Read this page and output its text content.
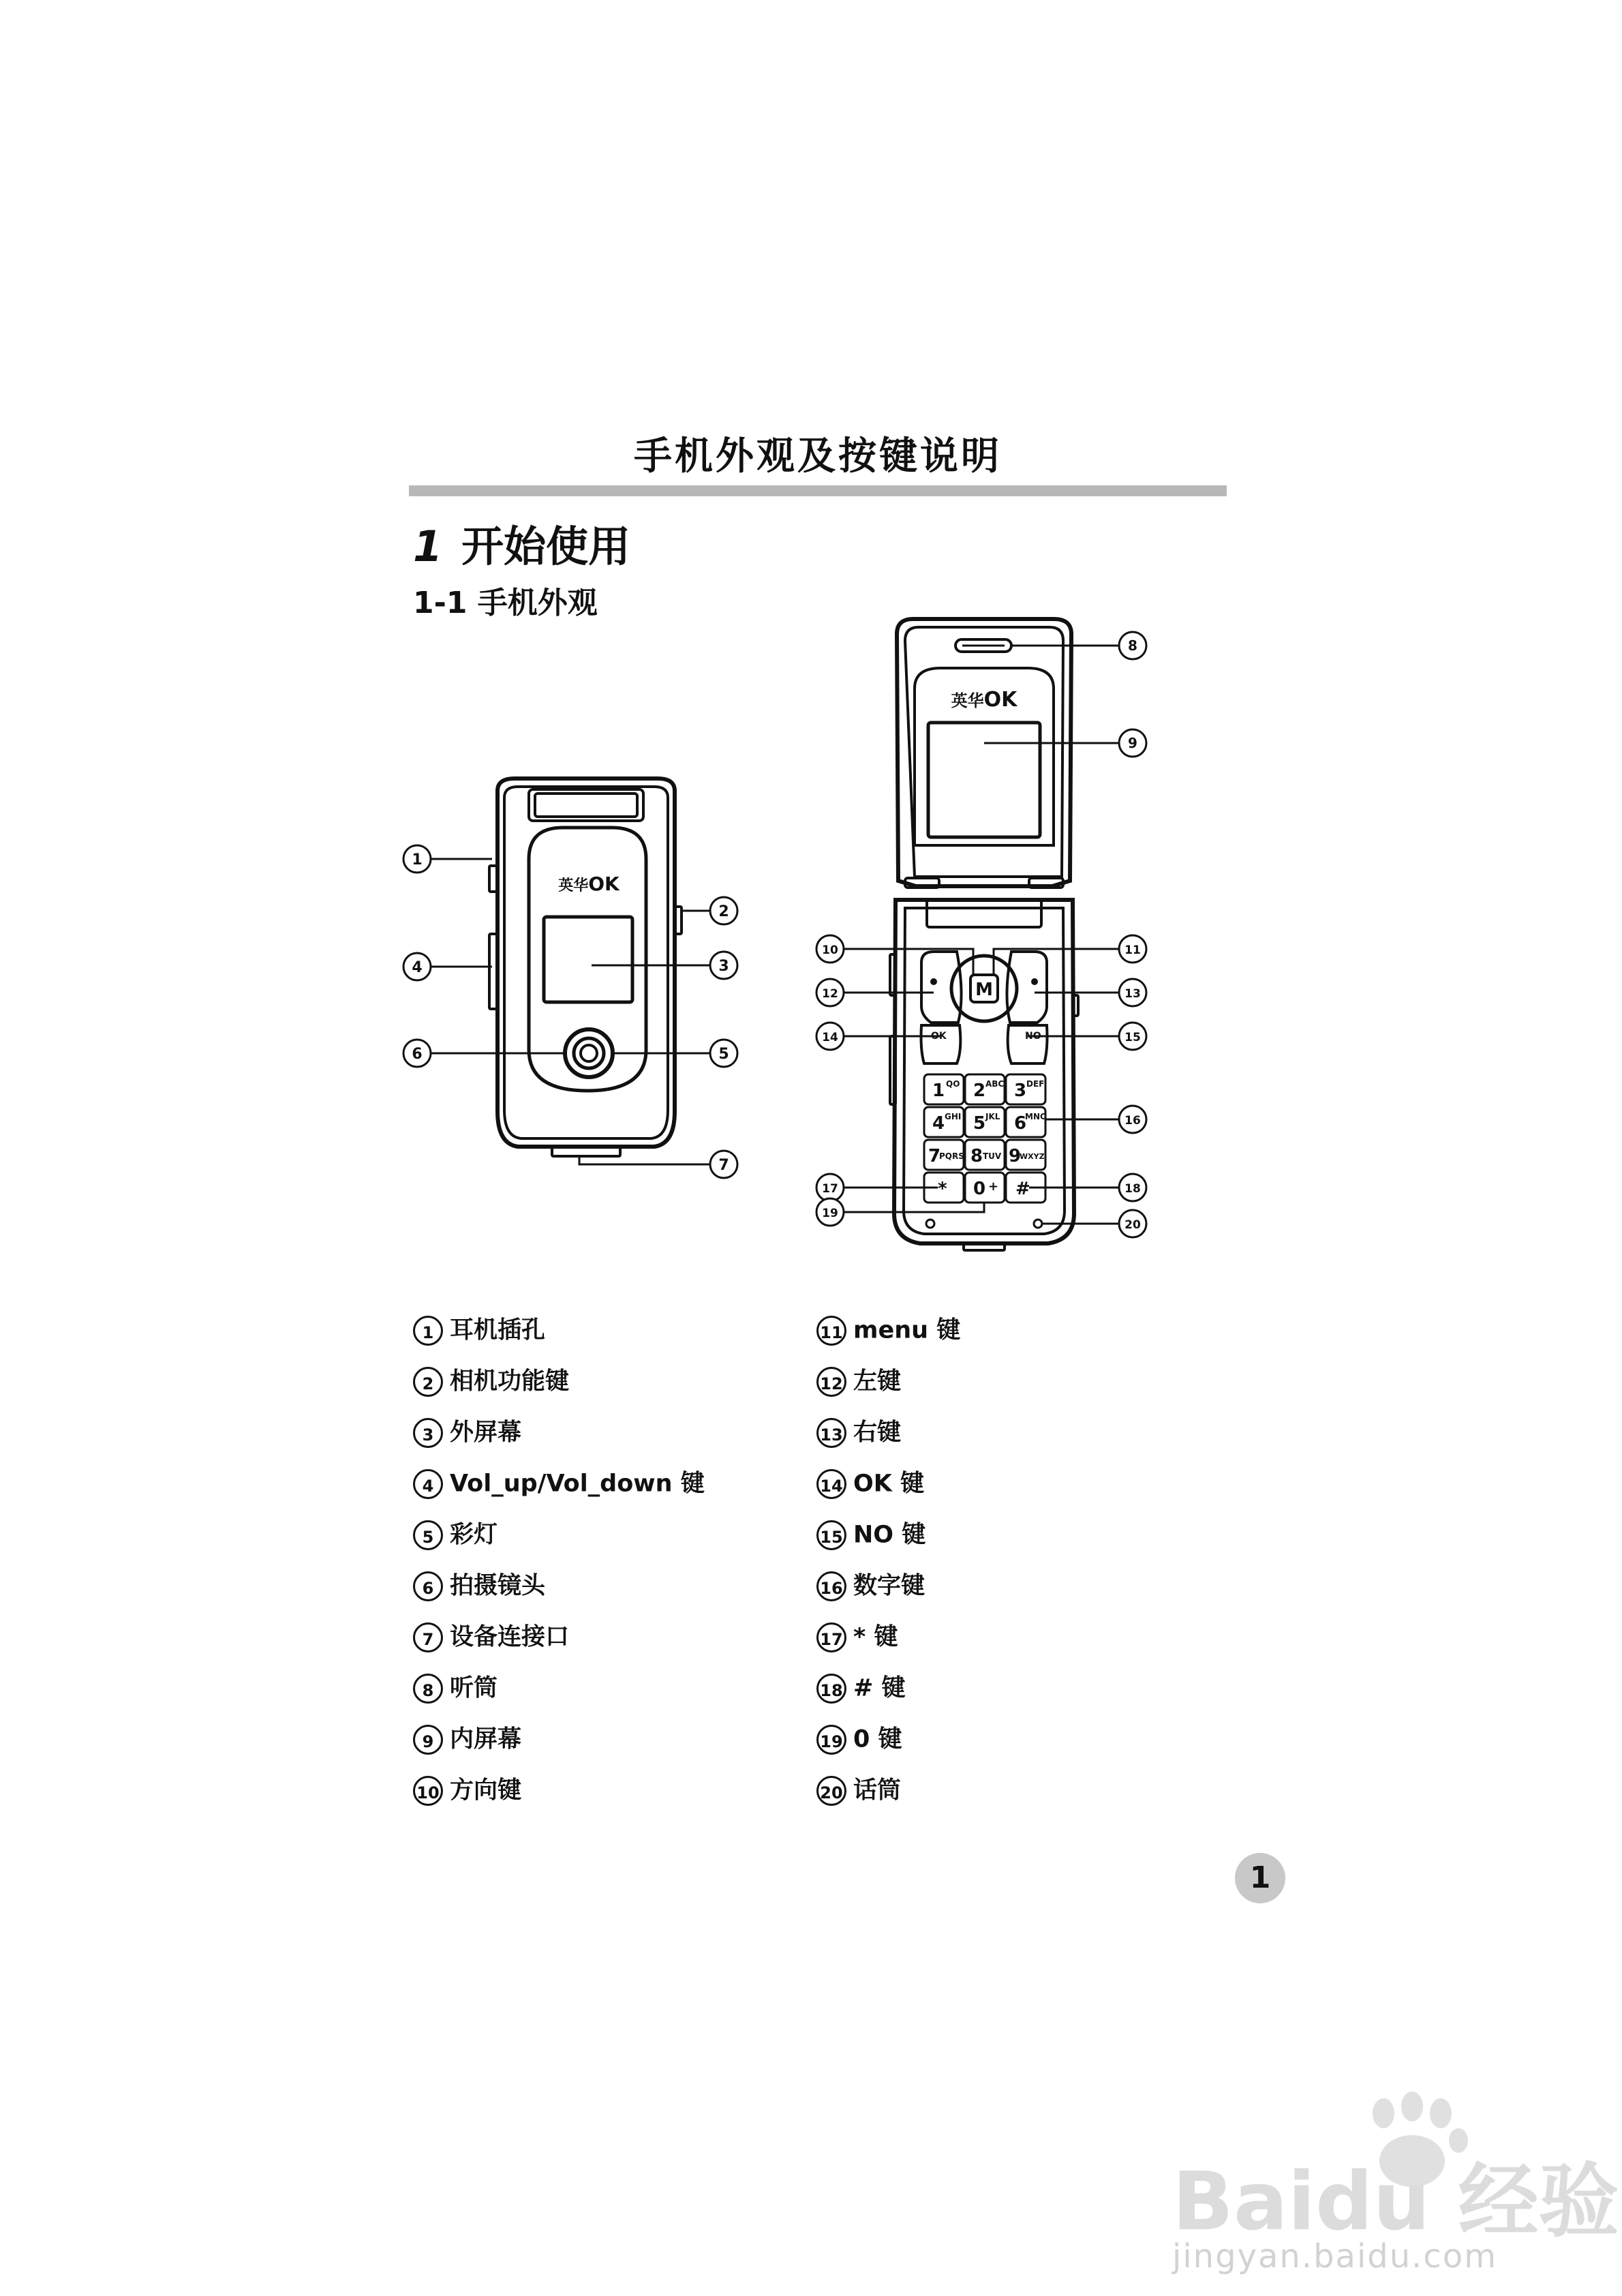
手机外观及按键说明
1 开始使用
1-1 手机外观
英华OK
1
2
4	3
6	5
7
1 QO 2 ABC 3 DEF
4 GHI 5 JKL 6
MNO
7
PQRS 8 TUV 9
WXYZ
* 0 + #
OK	NO
M
英华OK
8
9
10	11
12	13
14	15
16
17	18
19
20
1 耳机插孔
2 相机功能键
3 外屏幕
4 Vol_up/Vol_down 键
5 彩灯
6 拍摄镜头
7 设备连接口
8 听筒
9 内屏幕
10 方向键
11 menu 键
12 左键
13 右键
14 OK 键
15 NO 键
16 数字键
17 * 键
18 # 键
19 0 键
20 话筒
1
Baidu 经验
jingyan.baidu.com
